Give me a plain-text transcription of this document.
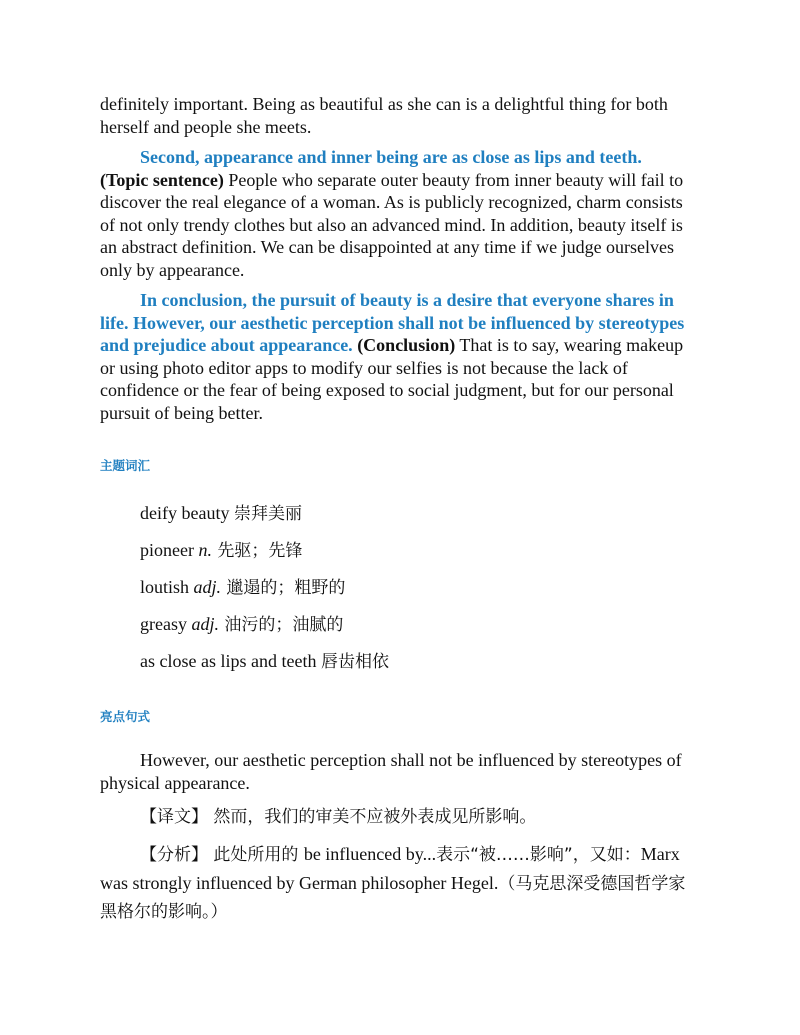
definitely important. Being as beautiful as she can is a delightful thing for both herself and people she meets.

Second, appearance and inner being are as close as lips and teeth.
(Topic sentence) People who separate outer beauty from inner beauty will fail to discover the real elegance of a woman. As is publicly recognized, charm consists of not only trendy clothes but also an advanced mind. In addition, beauty itself is an abstract definition. We can be disappointed at any time if we judge ourselves only by appearance.

In conclusion, the pursuit of beauty is a desire that everyone shares in life. However, our aesthetic perception shall not be influenced by stereotypes and prejudice about appearance. (Conclusion) That is to say, wearing makeup or using photo editor apps to modify our selfies is not because the lack of confidence or the fear of being exposed to social judgment, but for our personal pursuit of being better.

主题词汇

deify beauty 崇拜美丽

pioneer n. 先驱；先锋

loutish adj. 邋遢的；粗野的

greasy adj. 油污的；油腻的

as close as lips and teeth 唇齿相依

亮点句式

However, our aesthetic perception shall not be influenced by stereotypes of physical appearance.

【译文】 然而，我们的审美不应被外表成见所影响。

【分析】 此处所用的 be influenced by...表示“被……影响”，又如：Marx was strongly influenced by German philosopher Hegel.（马克思深受德国哲学家黑格尔的影响。）
